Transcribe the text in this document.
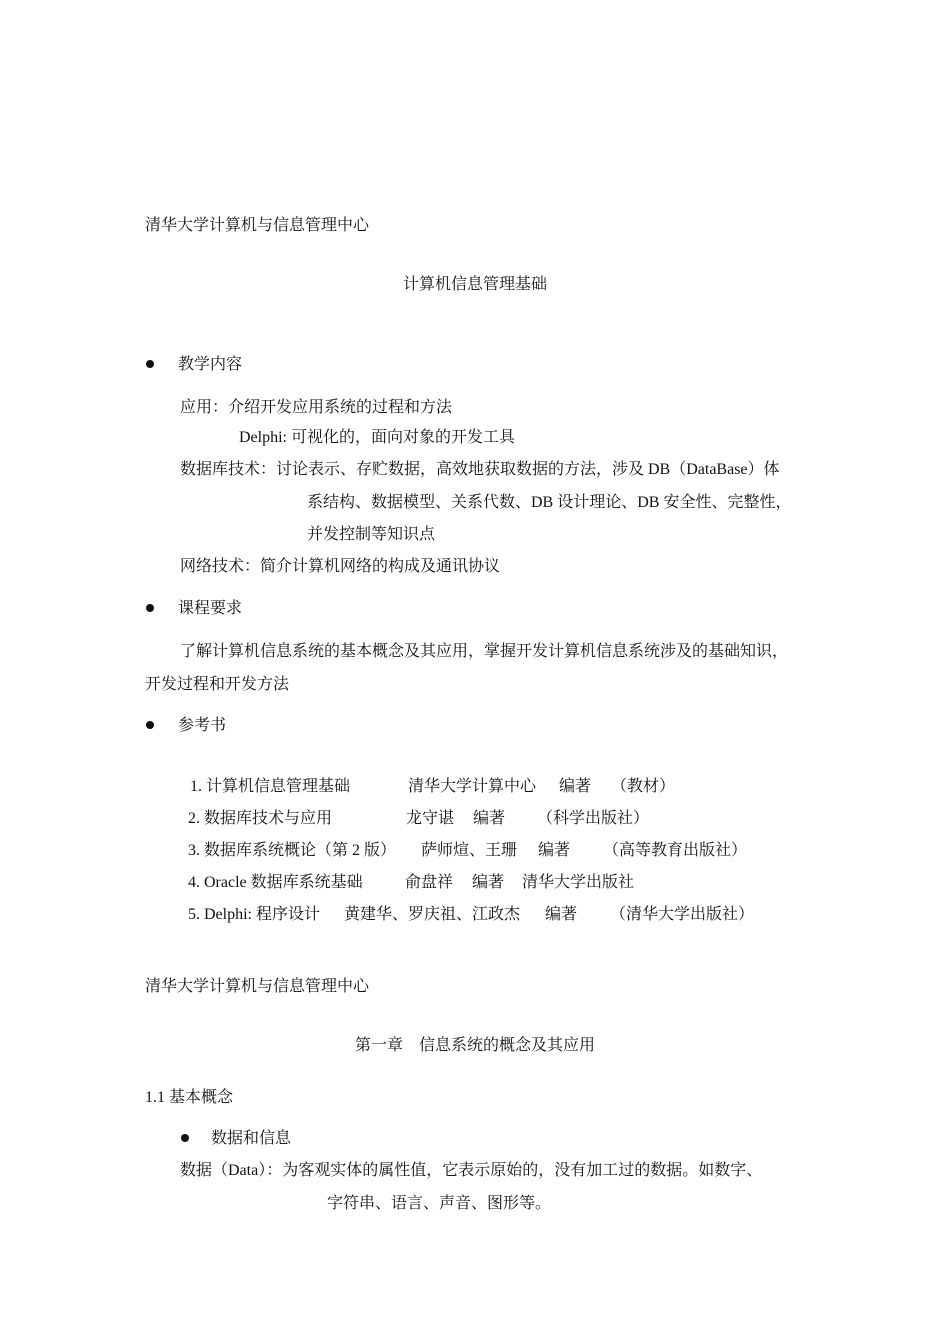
清华大学计算机与信息管理中心
计算机信息管理基础
教学内容
应用：介绍开发应用系统的过程和方法
Delphi: 可视化的，面向对象的开发工具
数据库技术：讨论表示、存贮数据，高效地获取数据的方法，涉及 DB（DataBase）体
系结构、数据模型、关系代数、DB 设计理论、DB 安全性、完整性，
并发控制等知识点
网络技术：简介计算机网络的构成及通讯协议
课程要求
了解计算机信息系统的基本概念及其应用，掌握开发计算机信息系统涉及的基础知识，
开发过程和开发方法
参考书

1. 计算机信息管理基础	清华大学计算中心 编著 （教材）

2. 数据库技术与应用	龙守谌 编著 （科学出版社）

3. 数据库系统概论（第 2 版） 萨师煊、王珊 编著 （高等教育出版社）

4. Oracle 数据库系统基础	俞盘祥 编著 清华大学出版社

5. Delphi: 程序设计 黄建华、罗庆祖、江政杰 编著 （清华大学出版社）

清华大学计算机与信息管理中心
第一章　信息系统的概念及其应用
1.1 基本概念
数据和信息
数据（Data）：为客观实体的属性值，它表示原始的，没有加工过的数据。如数字、
字符串、语言、声音、图形等。
